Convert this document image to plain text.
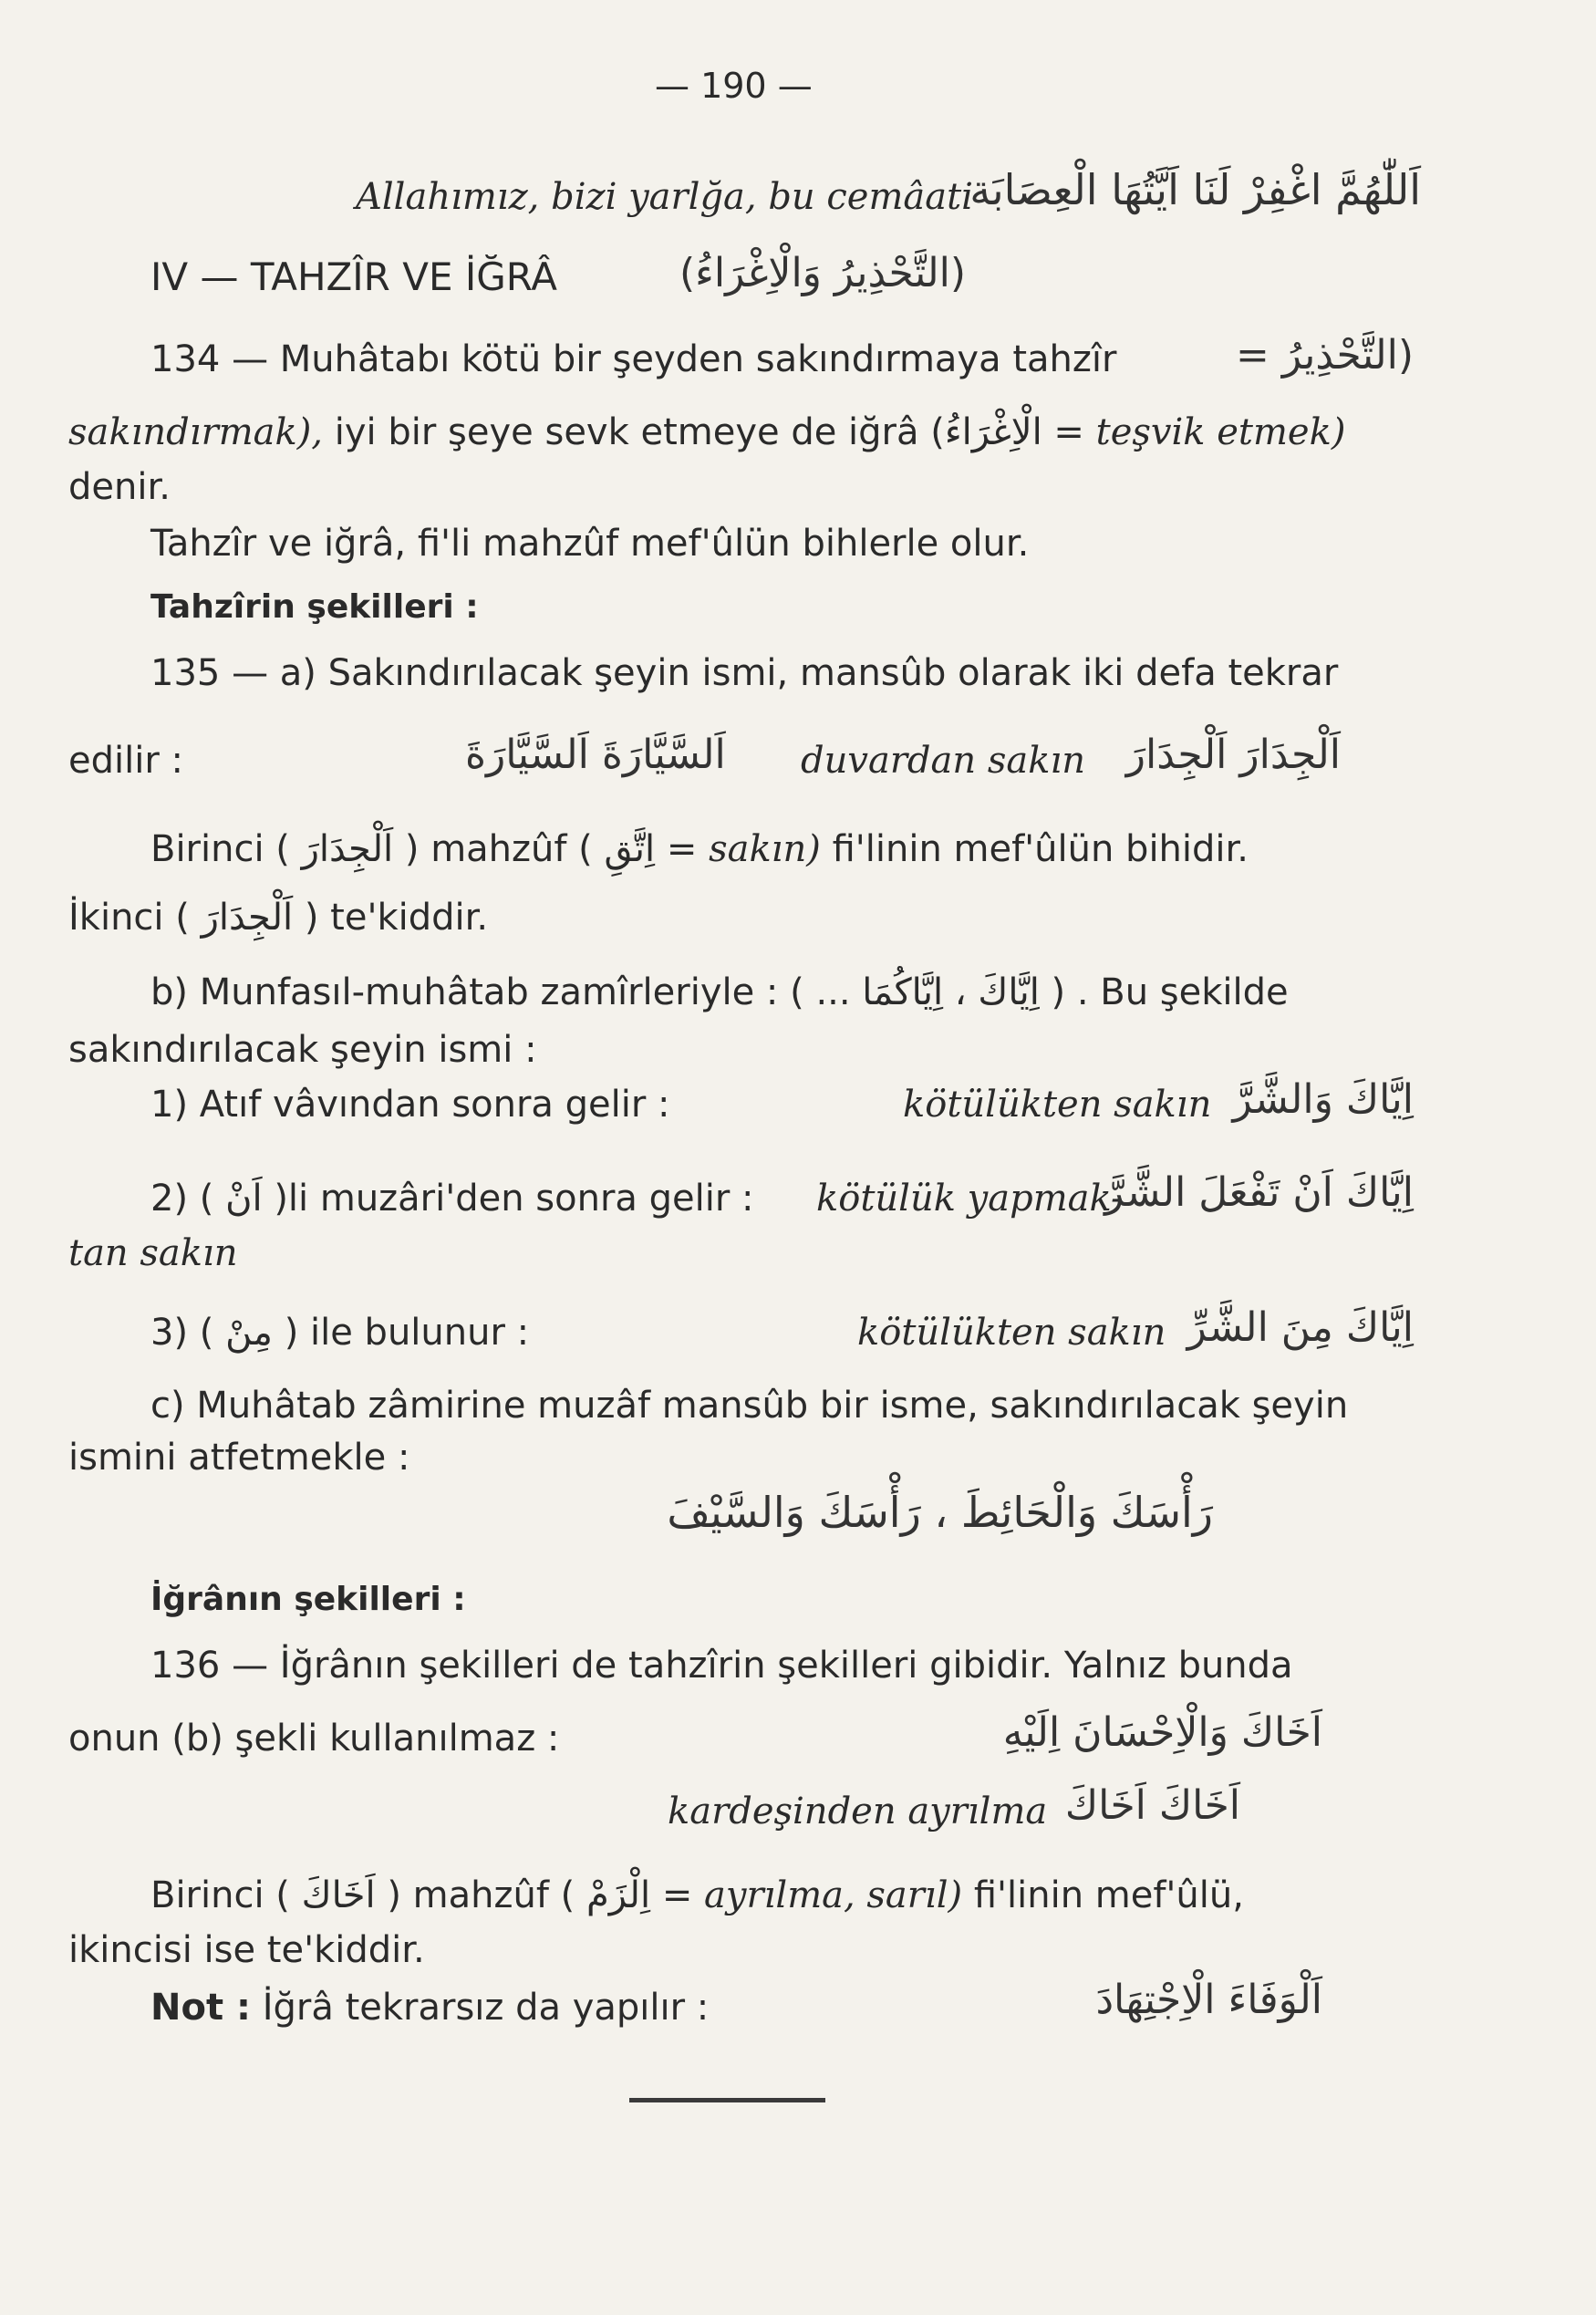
— 190 —
Allahımız, bizi yarlğa, bu cemâati
اَللّٰهُمَّ اغْفِرْ لَنَا اَيَّتُهَا الْعِصَابَة
IV — TAHZÎR VE İĞRÂ	(التَّحْذِيرُ وَالْاِغْرَاءُ)
134 — Muhâtabı kötü bir şeyden sakındırmaya tahzîr	(التَّحْذِيرُ =
sakındırmak), iyi bir şeye sevk etmeye de iğrâ (الْاِغْرَاءُ = teşvik etmek)
denir.
Tahzîr ve iğrâ, fi'li mahzûf mef'ûlün bihlerle olur.
Tahzîrin şekilleri :
135 — a) Sakındırılacak şeyin ismi, mansûb olarak iki defa tekrar
edilir :	اَلسَّيَّارَةَ اَلسَّيَّارَةَ duvardan sakın اَلْجِدَارَ اَلْجِدَارَ
Birinci ( اَلْجِدَارَ ) mahzûf ( اِتَّقِ = sakın) fi'linin mef'ûlün bihidir.
İkinci ( اَلْجِدَارَ ) te'kiddir.
b) Munfasıl-muhâtab zamîrleriyle : ( اِيَّاكَ ، اِيَّاكُمَا ... ) . Bu şekilde
sakındırılacak şeyin ismi :
1) Atıf vâvından sonra gelir :	kötülükten sakın اِيَّاكَ وَالشَّرَّ
2) ( اَنْ )li muzâri'den sonra gelir : kötülük yapmak-
اِيَّاكَ اَنْ تَفْعَلَ الشَّرَّ
tan sakın
3) ( مِنْ ) ile bulunur :	kötülükten sakın اِيَّاكَ مِنَ الشَّرِّ
c) Muhâtab zâmirine muzâf mansûb bir isme, sakındırılacak şeyin
ismini atfetmekle :
رَأْسَكَ وَالْحَائِطَ ، رَأْسَكَ وَالسَّيْفَ
İğrânın şekilleri :
136 — İğrânın şekilleri de tahzîrin şekilleri gibidir. Yalnız bunda
onun (b) şekli kullanılmaz :	اَخَاكَ وَالْاِحْسَانَ اِلَيْهِ
kardeşinden ayrılma اَخَاكَ اَخَاكَ
Birinci ( اَخَاكَ ) mahzûf ( اِلْزَمْ = ayrılma, sarıl) fi'linin mef'ûlü,
ikincisi ise te'kiddir.
Not : İğrâ tekrarsız da yapılır :	اَلْوَفَاءَ الْاِجْتِهَادَ
